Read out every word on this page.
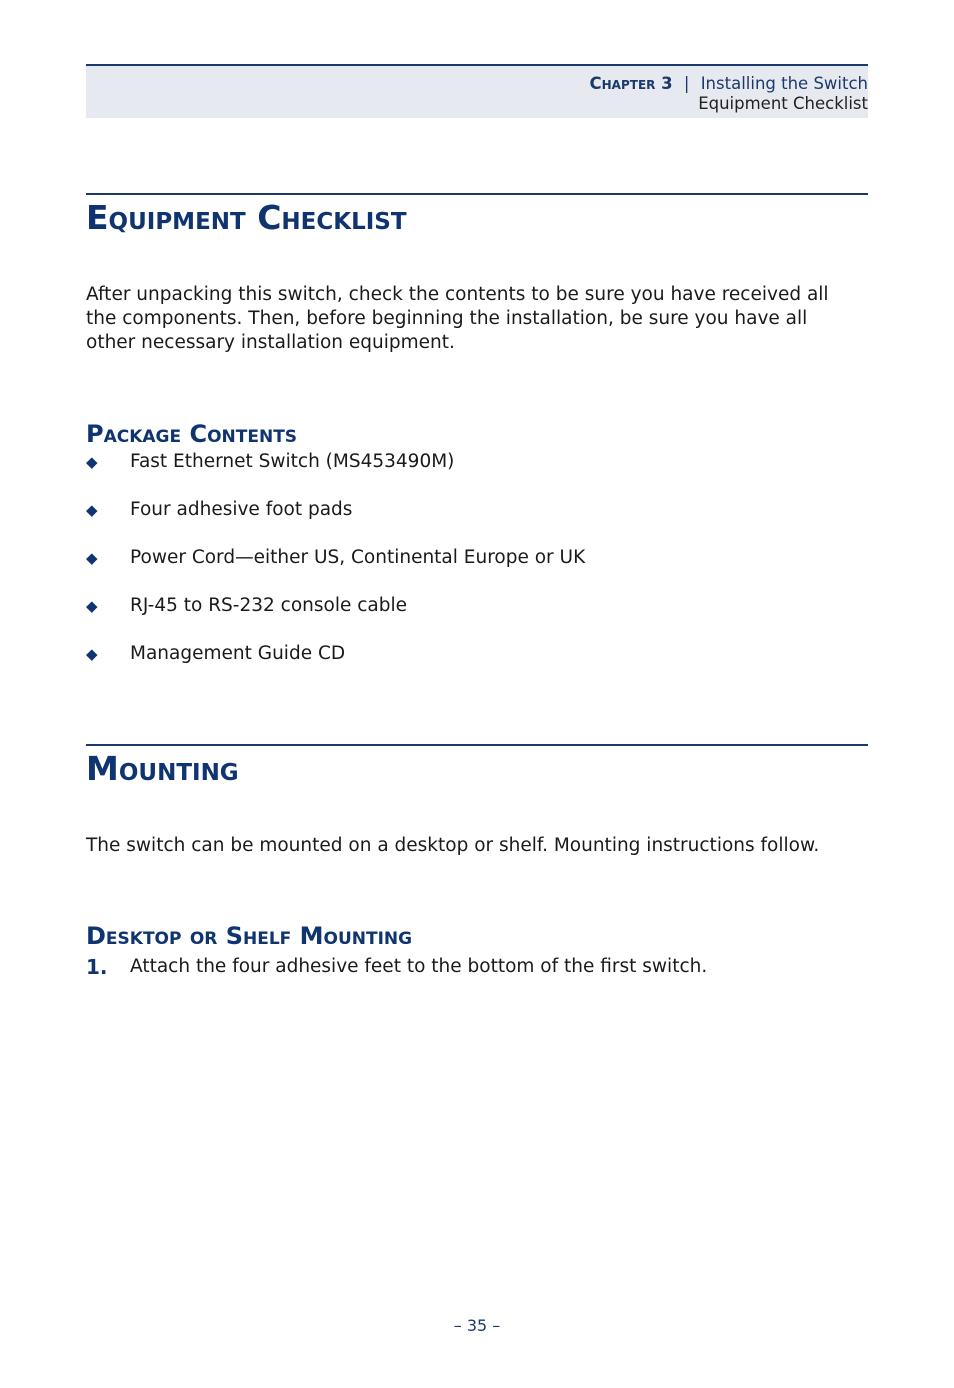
Chapter 3 | Installing the Switch
Equipment Checklist
Equipment Checklist

After unpacking this switch, check the contents to be sure you have received all

the components. Then, before beginning the installation, be sure you have all

other necessary installation equipment.

Package Contents
◆ Fast Ethernet Switch (MS453490M)
◆ Four adhesive foot pads
◆ Power Cord—either US, Continental Europe or UK
◆ RJ-45 to RS-232 console cable
◆ Management Guide CD
Mounting
The switch can be mounted on a desktop or shelf. Mounting instructions follow.
Desktop or Shelf Mounting
1. Attach the four adhesive feet to the bottom of the first switch.
– 35 –
